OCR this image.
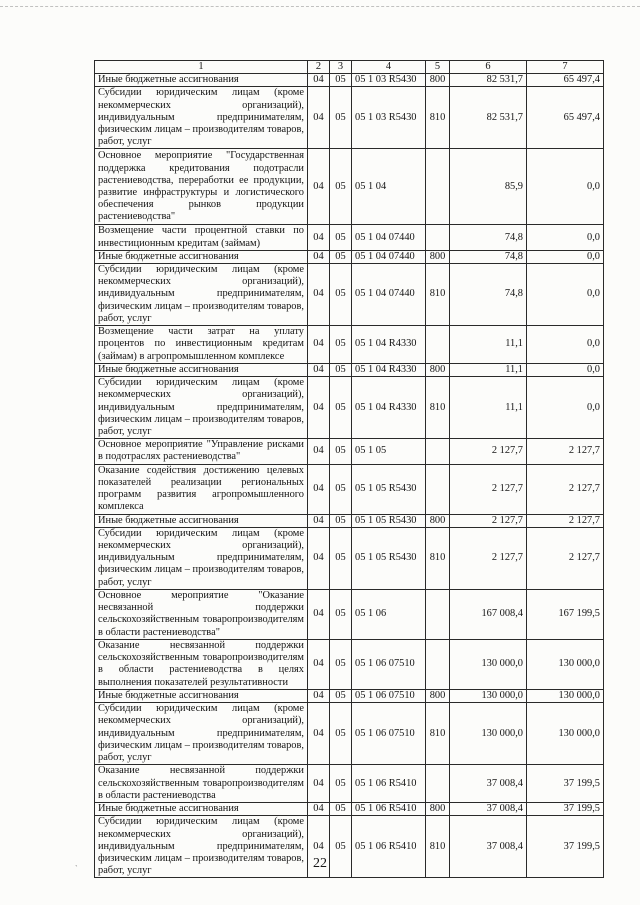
1	2	3	4	5	6	7
Иные бюджетные ассигнования	04	05	05 1 03 R5430	800	82 531,7	65 497,4
Субсидии юридическим лицам (кроме некоммерческих организаций), индивидуальным предпринимателям, физическим лицам – производителям товаров, работ, услуг	04	05	05 1 03 R5430	810	82 531,7	65 497,4
Основное мероприятие "Государственная поддержка кредитования подотрасли растениеводства, переработки ее продукции, развитие инфраструктуры и логистического обеспечения рынков продукции растениеводства"	04	05	05 1 04		85,9	0,0
Возмещение части процентной ставки по инвестиционным кредитам (займам)	04	05	05 1 04 07440		74,8	0,0
Иные бюджетные ассигнования	04	05	05 1 04 07440	800	74,8	0,0
Субсидии юридическим лицам (кроме некоммерческих организаций), индивидуальным предпринимателям, физическим лицам – производителям товаров, работ, услуг	04	05	05 1 04 07440	810	74,8	0,0
Возмещение части затрат на уплату процентов по инвестиционным кредитам (займам) в агропромышленном комплексе	04	05	05 1 04 R4330		11,1	0,0
Иные бюджетные ассигнования	04	05	05 1 04 R4330	800	11,1	0,0
Субсидии юридическим лицам (кроме некоммерческих организаций), индивидуальным предпринимателям, физическим лицам – производителям товаров, работ, услуг	04	05	05 1 04 R4330	810	11,1	0,0
Основное мероприятие "Управление рисками в подотраслях растениеводства"	04	05	05 1 05		2 127,7	2 127,7
Оказание содействия достижению целевых показателей реализации региональных программ развития агропромышленного комплекса	04	05	05 1 05 R5430		2 127,7	2 127,7
Иные бюджетные ассигнования	04	05	05 1 05 R5430	800	2 127,7	2 127,7
Субсидии юридическим лицам (кроме некоммерческих организаций), индивидуальным предпринимателям, физическим лицам – производителям товаров, работ, услуг	04	05	05 1 05 R5430	810	2 127,7	2 127,7
Основное мероприятие "Оказание несвязанной поддержки сельскохозяйственным товаропроизводителям в области растениеводства"	04	05	05 1 06		167 008,4	167 199,5
Оказание несвязанной поддержки сельскохозяйственным товаропроизводителям в области растениеводства в целях выполнения показателей результативности	04	05	05 1 06 07510		130 000,0	130 000,0
Иные бюджетные ассигнования	04	05	05 1 06 07510	800	130 000,0	130 000,0
Субсидии юридическим лицам (кроме некоммерческих организаций), индивидуальным предпринимателям, физическим лицам – производителям товаров, работ, услуг	04	05	05 1 06 07510	810	130 000,0	130 000,0
Оказание несвязанной поддержки сельскохозяйственным товаропроизводителям в области растениеводства	04	05	05 1 06 R5410		37 008,4	37 199,5
Иные бюджетные ассигнования	04	05	05 1 06 R5410	800	37 008,4	37 199,5
Субсидии юридическим лицам (кроме некоммерческих организаций), индивидуальным предпринимателям, физическим лицам – производителям товаров, работ, услуг	04	05	05 1 06 R5410	810	37 008,4	37 199,5
22
`
